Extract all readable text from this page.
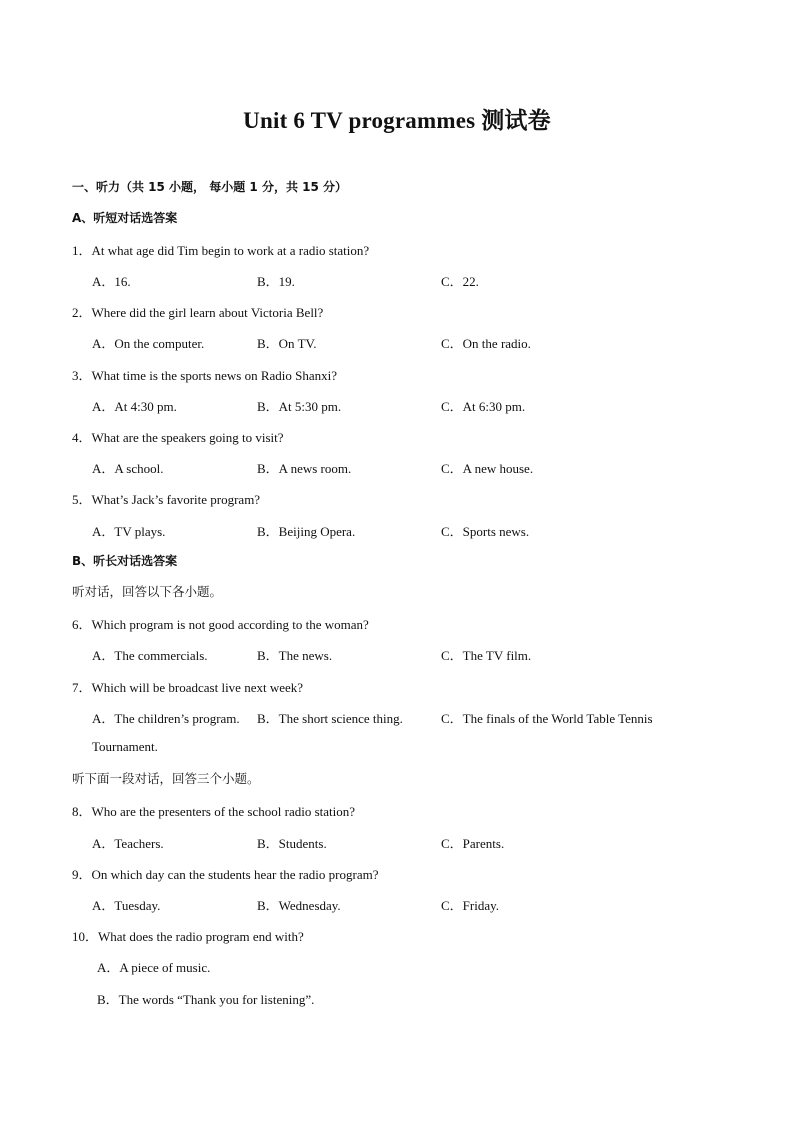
Unit 6 TV programmes 测试卷
一、听力（共 15 小题， 每小题 1 分，共 15 分）
A、听短对话选答案
1．At what age did Tim begin to work at a radio station?
A．16.	B．19.	C．22.
2．Where did the girl learn about Victoria Bell?
A．On the computer.	B．On TV.	C．On the radio.
3．What time is the sports news on Radio Shanxi?
A．At 4:30 pm.	B．At 5:30 pm.	C．At 6:30 pm.
4．What are the speakers going to visit?
A．A school.	B．A news room.	C．A new house.
5．What’s Jack’s favorite program?
A．TV plays.	B．Beijing Opera.	C．Sports news.
B、听长对话选答案
听对话，回答以下各小题。
6．Which program is not good according to the woman?
A．The commercials.	B．The news.	C．The TV film.
7．Which will be broadcast live next week?
A．The children’s program. B．The short science thing.	C．The finals of the World Table Tennis
Tournament.
听下面一段对话，回答三个小题。
8．Who are the presenters of the school radio station?
A．Teachers.	B．Students.	C．Parents.
9．On which day can the students hear the radio program?
A．Tuesday.	B．Wednesday.	C．Friday.
10．What does the radio program end with?
A．A piece of music.
B．The words “Thank you for listening”.
